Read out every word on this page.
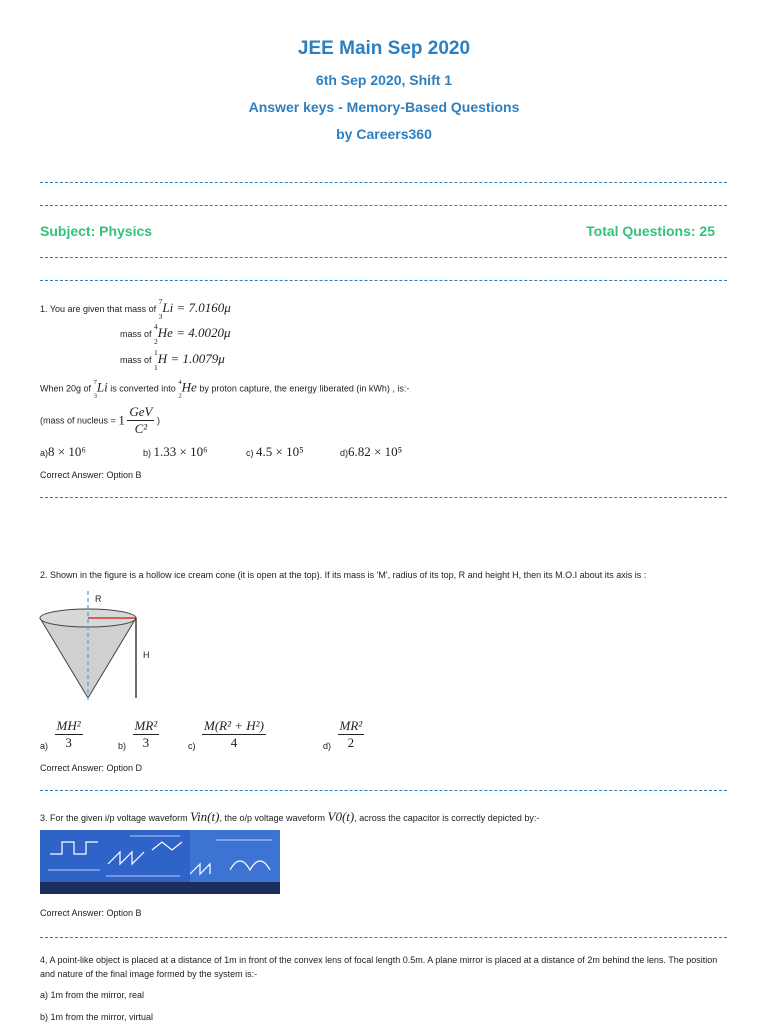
JEE Main Sep 2020
6th Sep 2020, Shift 1
Answer keys - Memory-Based Questions
by Careers360
Subject: Physics	Total Questions: 25
1. You are given that mass of $^7$
$_3$Li = 7.0160μ
mass of $^4$
$_2$He = 4.0020μ
mass of $^1$
$_1$H = 1.0079μ
When 20g of $^7$
$_3$Li is converted into $^4$
$_2$He by proton capture, the energy liberated (in kWh) , is:-
(mass of nucleus = $1 \frac{\text{GeV}}{\text{C²}}$ )
a)8 × 10⁶	b) 1.33 × 10⁶	c) 4.5 × 10⁵	d)6.82 × 10⁵
Correct Answer: Option B
2. Shown in the figure is a hollow ice cream cone (it is open at the top). If its mass is 'M', radius of its top, R and height H, then its M.O.I about its axis is :
R
H
$a) \frac{\text{MH²}}{3}$	$b) \frac{\text{MR²}}{3}$	$c) \frac{\text{M(R² + H²)}}{4}$	$d) \frac{\text{MR²}}{2}$
Correct Answer: Option D
3. For the given i/p voltage waveform Vin(t), the o/p voltage waveform V0(t), across the capacitor is correctly depicted by:-
Correct Answer: Option B
4, A point-like object is placed at a distance of 1m in front of the convex lens of focal length 0.5m. A plane mirror is placed at a distance of 2m behind the lens. The position and nature of the final image formed by the system is:-
a) 1m from the mirror, real
b) 1m from the mirror, virtual
